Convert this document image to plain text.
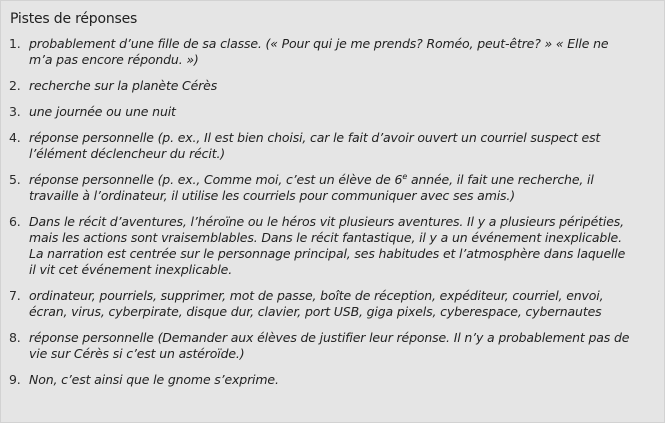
Pistes de réponses
1. probablement d’une fille de sa classe. (« Pour qui je me prends? Roméo, peut-être? » « Elle ne
m’a pas encore répondu. »)
2. recherche sur la planète Cérès
3. une journée ou une nuit
4. réponse personnelle (p. ex., Il est bien choisi, car le fait d’avoir ouvert un courriel suspect est
l’élément déclencheur du récit.)
5. réponse personnelle (p. ex., Comme moi, c’est un élève de 6e année, il fait une recherche, il
travaille à l’ordinateur, il utilise les courriels pour communiquer avec ses amis.)
6. Dans le récit d’aventures, l’héroïne ou le héros vit plusieurs aventures. Il y a plusieurs péripéties,
mais les actions sont vraisemblables. Dans le récit fantastique, il y a un événement inexplicable.
La narration est centrée sur le personnage principal, ses habitudes et l’atmosphère dans laquelle
il vit cet événement inexplicable.
7. ordinateur, pourriels, supprimer, mot de passe, boîte de réception, expéditeur, courriel, envoi,
écran, virus, cyberpirate, disque dur, clavier, port USB, giga pixels, cyberespace, cybernautes
8. réponse personnelle (Demander aux élèves de justifier leur réponse. Il n’y a probablement pas de
vie sur Cérès si c’est un astéroïde.)
9. Non, c’est ainsi que le gnome s’exprime.
